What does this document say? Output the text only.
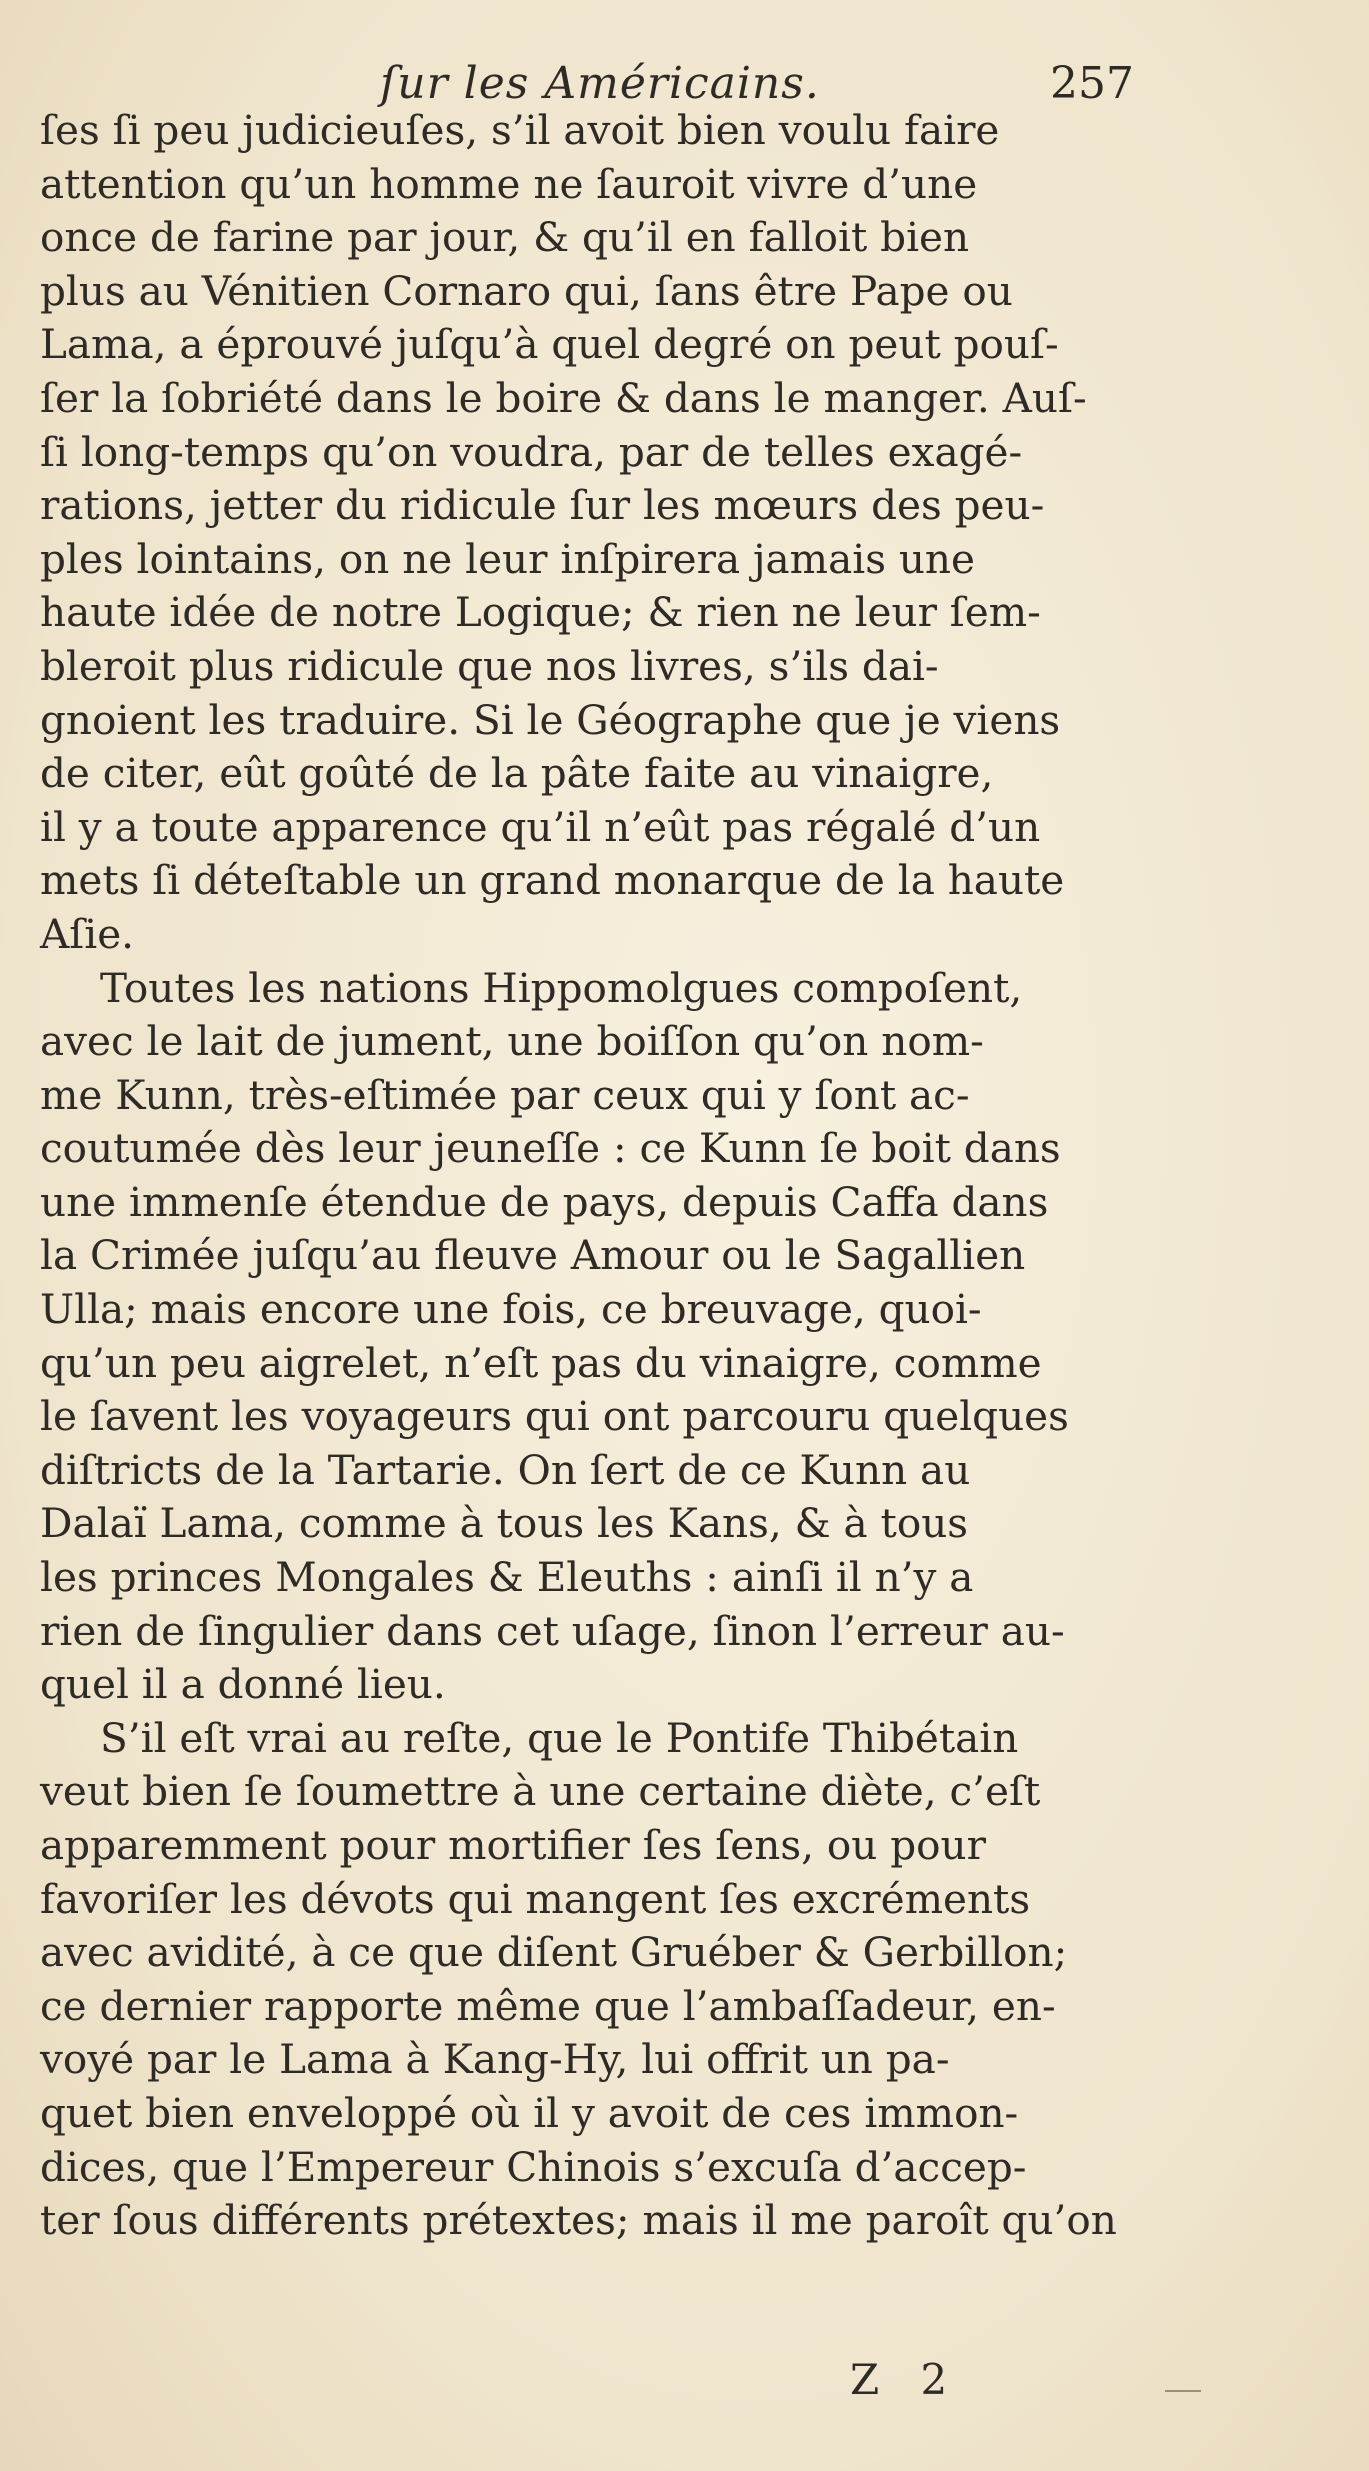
ſur les Américains.	257
ſes ſi peu judicieuſes, s’il avoit bien voulu faire
attention qu’un homme ne ſauroit vivre d’une
once de farine par jour, & qu’il en falloit bien
plus au Vénitien Cornaro qui, ſans être Pape ou
Lama, a éprouvé juſqu’à quel degré on peut pouſ-
ſer la ſobriété dans le boire & dans le manger. Auſ-
ſi long-temps qu’on voudra, par de telles exagé-
rations, jetter du ridicule ſur les mœurs des peu-
ples lointains, on ne leur inſpirera jamais une
haute idée de notre Logique; & rien ne leur ſem-
bleroit plus ridicule que nos livres, s’ils dai-
gnoient les traduire. Si le Géographe que je viens
de citer, eût goûté de la pâte faite au vinaigre,
il y a toute apparence qu’il n’eût pas régalé d’un
mets ſi déteſtable un grand monarque de la haute
Aſie.
Toutes les nations Hippomolgues compoſent,
avec le lait de jument, une boiſſon qu’on nom-
me Kunn, très-eſtimée par ceux qui y ſont ac-
coutumée dès leur jeuneſſe : ce Kunn ſe boit dans
une immenſe étendue de pays, depuis Caffa dans
la Crimée juſqu’au fleuve Amour ou le Sagallien
Ulla; mais encore une fois, ce breuvage, quoi-
qu’un peu aigrelet, n’eſt pas du vinaigre, comme
le ſavent les voyageurs qui ont parcouru quelques
diſtricts de la Tartarie. On ſert de ce Kunn au
Dalaï Lama, comme à tous les Kans, & à tous
les princes Mongales & Eleuths : ainſi il n’y a
rien de ſingulier dans cet uſage, ſinon l’erreur au-
quel il a donné lieu.
S’il eſt vrai au reſte, que le Pontife Thibétain
veut bien ſe ſoumettre à une certaine diète, c’eſt
apparemment pour mortifier ſes ſens, ou pour
favoriſer les dévots qui mangent ſes excréments
avec avidité, à ce que diſent Gruéber & Gerbillon;
ce dernier rapporte même que l’ambaſſadeur, en-
voyé par le Lama à Kang-Hy, lui offrit un pa-
quet bien enveloppé où il y avoit de ces immon-
dices, que l’Empereur Chinois s’excuſa d’accep-
ter ſous différents prétextes; mais il me paroît qu’on
Z 2
